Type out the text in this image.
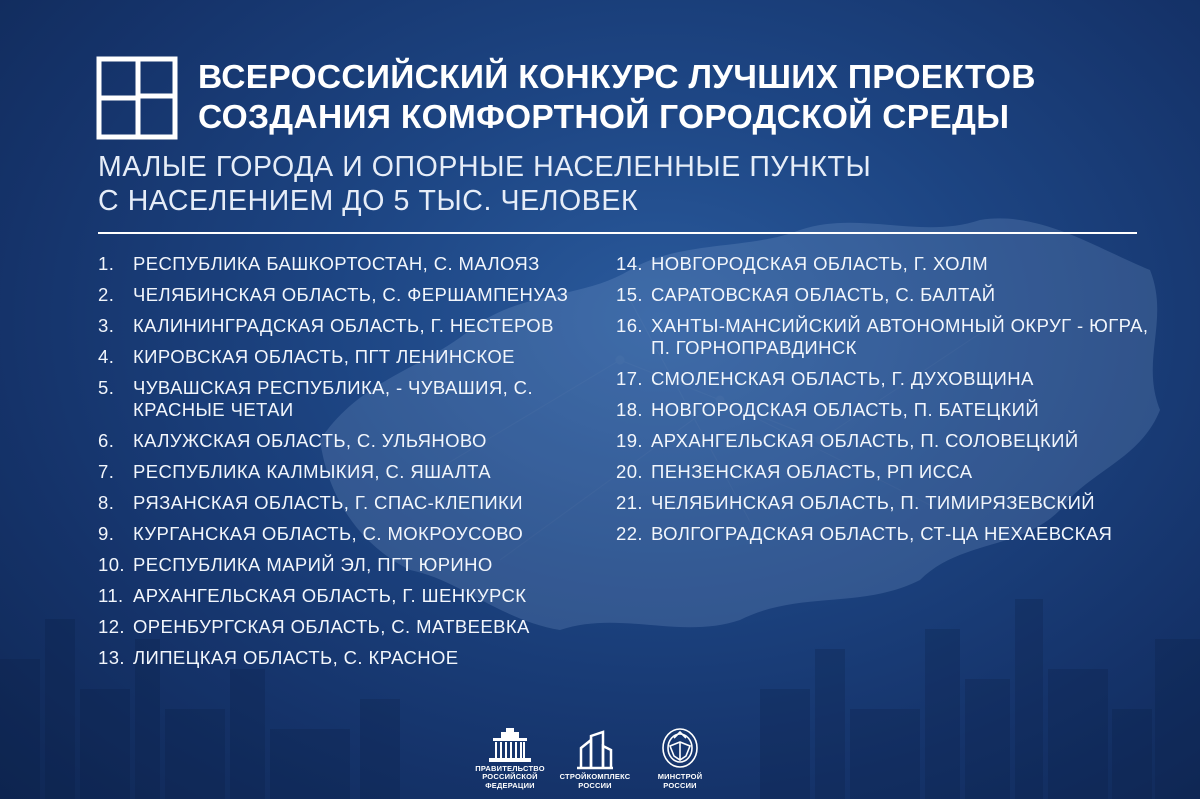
ВСЕРОССИЙСКИЙ КОНКУРС ЛУЧШИХ ПРОЕКТОВ
СОЗДАНИЯ КОМФОРТНОЙ ГОРОДСКОЙ СРЕДЫ
МАЛЫЕ ГОРОДА И ОПОРНЫЕ НАСЕЛЕННЫЕ ПУНКТЫ
С НАСЕЛЕНИЕМ ДО 5 ТЫС. ЧЕЛОВЕК
1.	РЕСПУБЛИКА БАШКОРТОСТАН, С. МАЛОЯЗ
2.	ЧЕЛЯБИНСКАЯ ОБЛАСТЬ, С. ФЕРШАМПЕНУАЗ
3.	КАЛИНИНГРАДСКАЯ ОБЛАСТЬ, Г. НЕСТЕРОВ
4.	КИРОВСКАЯ ОБЛАСТЬ, ПГТ ЛЕНИНСКОЕ
5.	ЧУВАШСКАЯ РЕСПУБЛИКА, - ЧУВАШИЯ, С. КРАСНЫЕ ЧЕТАИ
6.	КАЛУЖСКАЯ ОБЛАСТЬ, С. УЛЬЯНОВО
7.	РЕСПУБЛИКА КАЛМЫКИЯ, С. ЯШАЛТА
8.	РЯЗАНСКАЯ ОБЛАСТЬ, Г. СПАС-КЛЕПИКИ
9.	КУРГАНСКАЯ ОБЛАСТЬ, С. МОКРОУСОВО
10. РЕСПУБЛИКА МАРИЙ ЭЛ, ПГТ ЮРИНО
11. АРХАНГЕЛЬСКАЯ ОБЛАСТЬ, Г. ШЕНКУРСК
12. ОРЕНБУРГСКАЯ ОБЛАСТЬ, С. МАТВЕЕВКА
13. ЛИПЕЦКАЯ ОБЛАСТЬ, С. КРАСНОЕ
14. НОВГОРОДСКАЯ ОБЛАСТЬ, Г. ХОЛМ
15. САРАТОВСКАЯ ОБЛАСТЬ, С. БАЛТАЙ
16. ХАНТЫ-МАНСИЙСКИЙ АВТОНОМНЫЙ ОКРУГ - ЮГРА, П. ГОРНОПРАВДИНСК
17. СМОЛЕНСКАЯ ОБЛАСТЬ, Г. ДУХОВЩИНА
18. НОВГОРОДСКАЯ ОБЛАСТЬ, П. БАТЕЦКИЙ
19. АРХАНГЕЛЬСКАЯ ОБЛАСТЬ, П. СОЛОВЕЦКИЙ
20. ПЕНЗЕНСКАЯ ОБЛАСТЬ, РП ИССА
21. ЧЕЛЯБИНСКАЯ ОБЛАСТЬ, П. ТИМИРЯЗЕВСКИЙ
22. ВОЛГОГРАДСКАЯ ОБЛАСТЬ, СТ-ЦА НЕХАЕВСКАЯ
ПРАВИТЕЛЬСТВО РОССИЙСКОЙ ФЕДЕРАЦИИ
СТРОЙКОМПЛЕКС РОССИИ
МИНСТРОЙ РОССИИ
